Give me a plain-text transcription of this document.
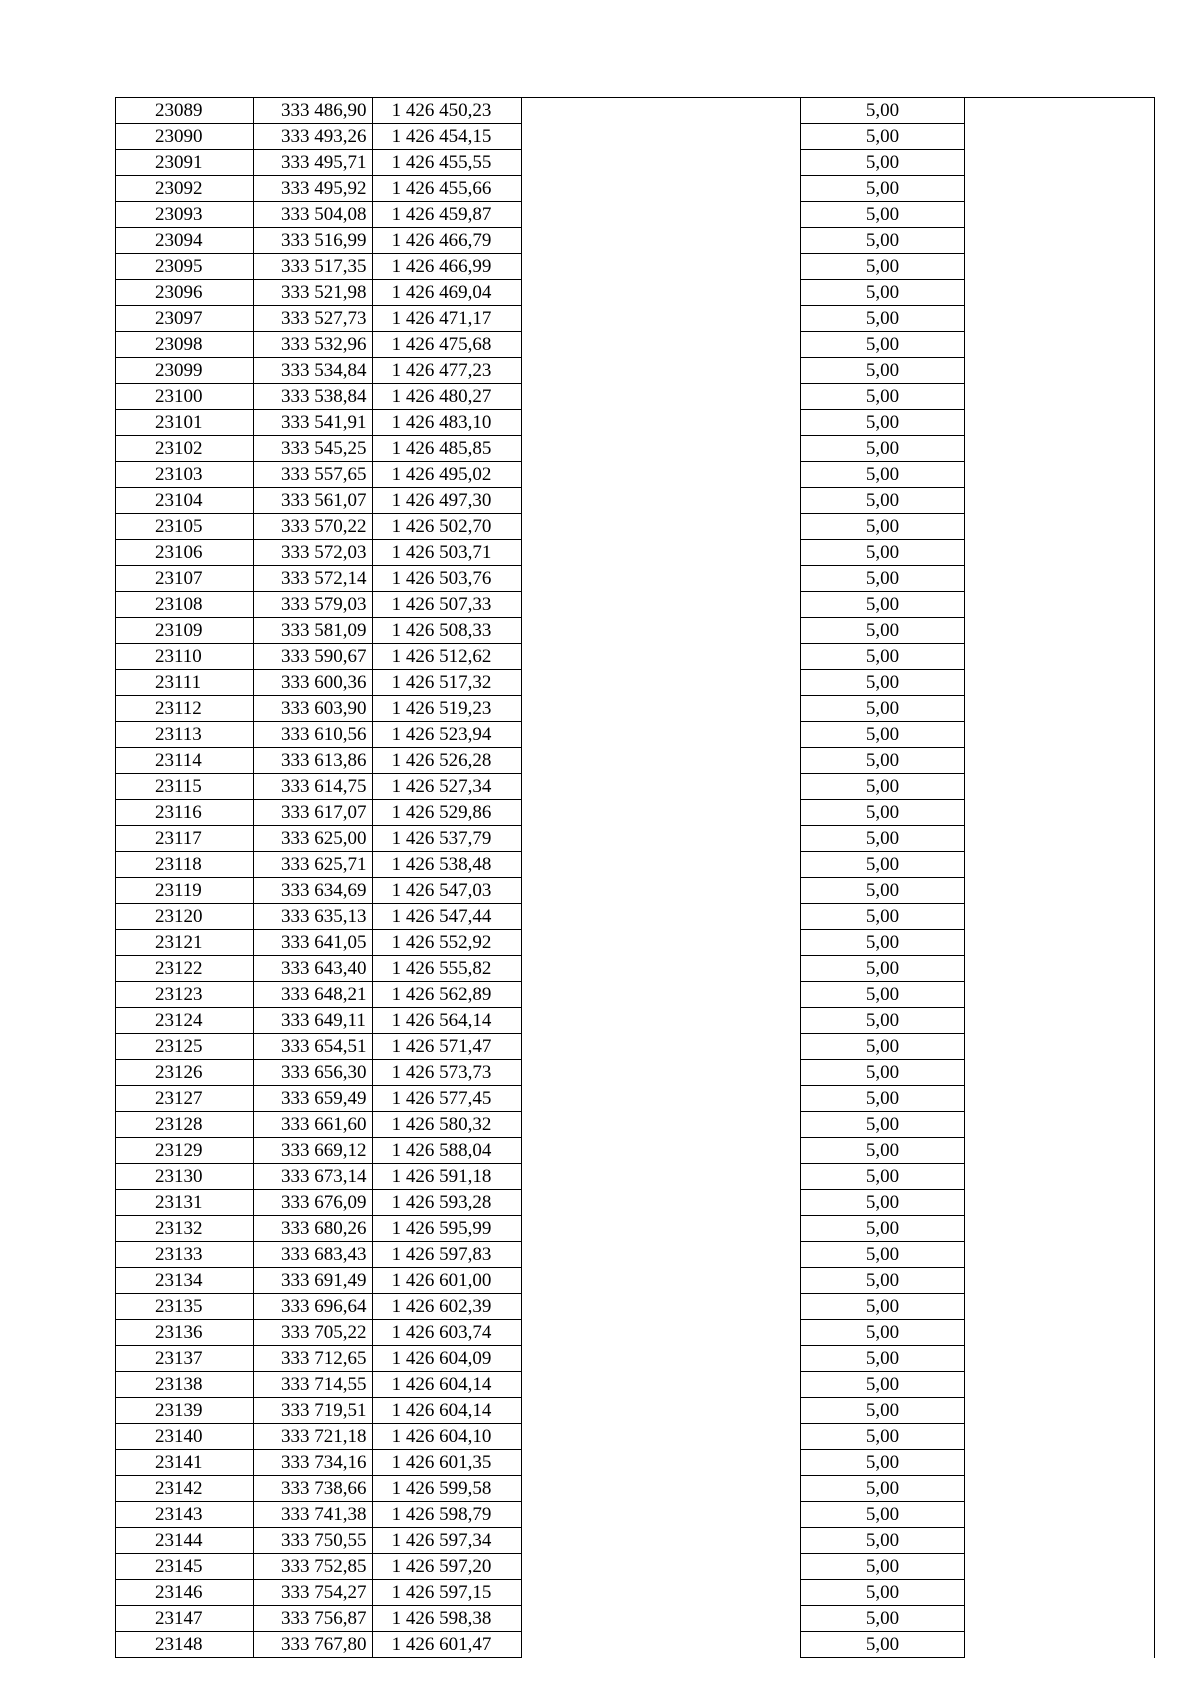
23089	333 486,90	1 426 450,23		5,00	
23090	333 493,26	1 426 454,15		5,00	
23091	333 495,71	1 426 455,55		5,00	
23092	333 495,92	1 426 455,66		5,00	
23093	333 504,08	1 426 459,87		5,00	
23094	333 516,99	1 426 466,79		5,00	
23095	333 517,35	1 426 466,99		5,00	
23096	333 521,98	1 426 469,04		5,00	
23097	333 527,73	1 426 471,17		5,00	
23098	333 532,96	1 426 475,68		5,00	
23099	333 534,84	1 426 477,23		5,00	
23100	333 538,84	1 426 480,27		5,00	
23101	333 541,91	1 426 483,10		5,00	
23102	333 545,25	1 426 485,85		5,00	
23103	333 557,65	1 426 495,02		5,00	
23104	333 561,07	1 426 497,30		5,00	
23105	333 570,22	1 426 502,70		5,00	
23106	333 572,03	1 426 503,71		5,00	
23107	333 572,14	1 426 503,76		5,00	
23108	333 579,03	1 426 507,33		5,00	
23109	333 581,09	1 426 508,33		5,00	
23110	333 590,67	1 426 512,62		5,00	
23111	333 600,36	1 426 517,32		5,00	
23112	333 603,90	1 426 519,23		5,00	
23113	333 610,56	1 426 523,94		5,00	
23114	333 613,86	1 426 526,28		5,00	
23115	333 614,75	1 426 527,34		5,00	
23116	333 617,07	1 426 529,86		5,00	
23117	333 625,00	1 426 537,79		5,00	
23118	333 625,71	1 426 538,48		5,00	
23119	333 634,69	1 426 547,03		5,00	
23120	333 635,13	1 426 547,44		5,00	
23121	333 641,05	1 426 552,92		5,00	
23122	333 643,40	1 426 555,82		5,00	
23123	333 648,21	1 426 562,89		5,00	
23124	333 649,11	1 426 564,14		5,00	
23125	333 654,51	1 426 571,47		5,00	
23126	333 656,30	1 426 573,73		5,00	
23127	333 659,49	1 426 577,45		5,00	
23128	333 661,60	1 426 580,32		5,00	
23129	333 669,12	1 426 588,04		5,00	
23130	333 673,14	1 426 591,18		5,00	
23131	333 676,09	1 426 593,28		5,00	
23132	333 680,26	1 426 595,99		5,00	
23133	333 683,43	1 426 597,83		5,00	
23134	333 691,49	1 426 601,00		5,00	
23135	333 696,64	1 426 602,39		5,00	
23136	333 705,22	1 426 603,74		5,00	
23137	333 712,65	1 426 604,09		5,00	
23138	333 714,55	1 426 604,14		5,00	
23139	333 719,51	1 426 604,14		5,00	
23140	333 721,18	1 426 604,10		5,00	
23141	333 734,16	1 426 601,35		5,00	
23142	333 738,66	1 426 599,58		5,00	
23143	333 741,38	1 426 598,79		5,00	
23144	333 750,55	1 426 597,34		5,00	
23145	333 752,85	1 426 597,20		5,00	
23146	333 754,27	1 426 597,15		5,00	
23147	333 756,87	1 426 598,38		5,00	
23148	333 767,80	1 426 601,47		5,00	
